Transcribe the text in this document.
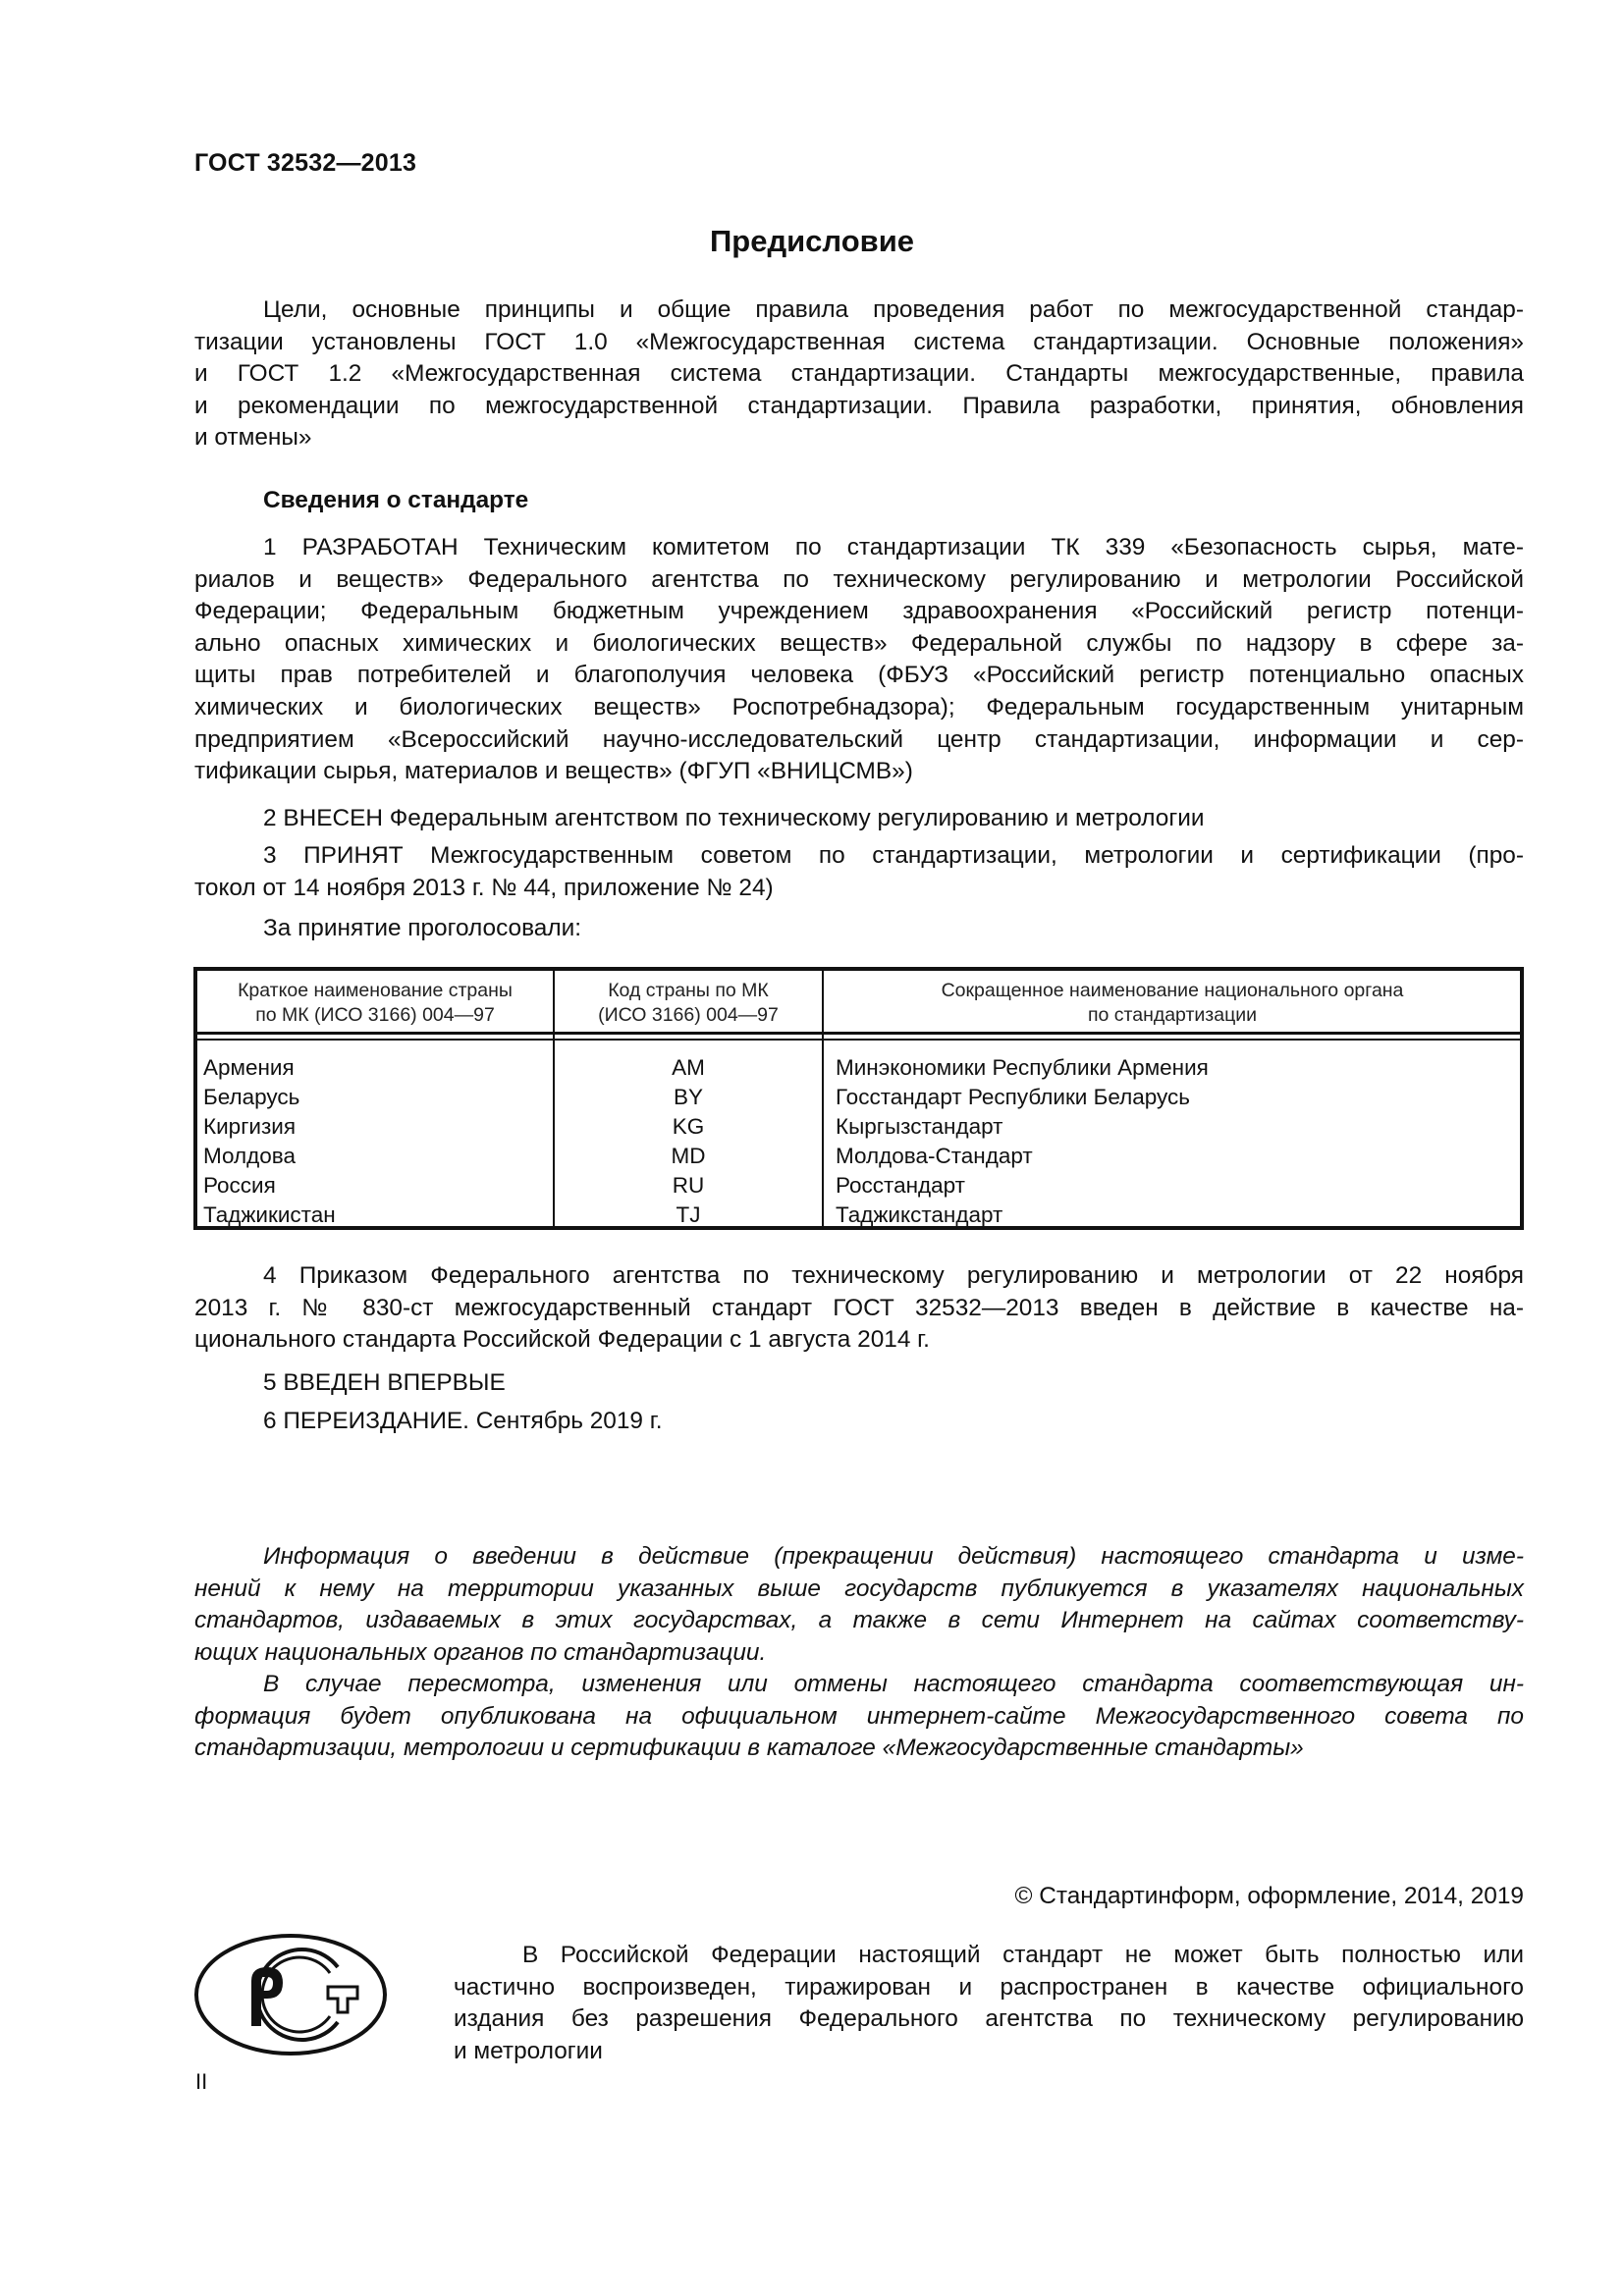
ГОСТ 32532—2013
Предисловие
Цели, основные принципы и общие правила проведения работ по межгосударственной стандар-
тизации установлены ГОСТ 1.0 «Межгосударственная система стандартизации. Основные положения»
и ГОСТ 1.2 «Межгосударственная система стандартизации. Стандарты межгосударственные, правила
и рекомендации по межгосударственной стандартизации. Правила разработки, принятия, обновления
и отмены»
Сведения о стандарте
1 РАЗРАБОТАН Техническим комитетом по стандартизации ТК 339 «Безопасность сырья, мате-
риалов и веществ» Федерального агентства по техническому регулированию и метрологии Российской
Федерации; Федеральным бюджетным учреждением здравоохранения «Российский регистр потенци-
ально опасных химических и биологических веществ» Федеральной службы по надзору в сфере за-
щиты прав потребителей и благополучия человека (ФБУЗ «Российский регистр потенциально опасных
химических и биологических веществ» Роспотребнадзора); Федеральным государственным унитарным
предприятием «Всероссийский научно-исследовательский центр стандартизации, информации и сер-
тификации сырья, материалов и веществ» (ФГУП «ВНИЦСМВ»)
2 ВНЕСЕН Федеральным агентством по техническому регулированию и метрологии
3 ПРИНЯТ Межгосударственным советом по стандартизации, метрологии и сертификации (про-
токол от 14 ноября 2013 г. № 44, приложение № 24)
За принятие проголосовали:
Краткое наименование страны
по МК (ИСО 3166) 004—97
Код страны по МК
(ИСО 3166) 004—97
Сокращенное наименование национального органа
по стандартизации
Армения
Беларусь
Киргизия
Молдова
Россия
Таджикистан
AM
BY
KG
MD
RU
TJ
Минэкономики Республики Армения
Госстандарт Республики Беларусь
Кыргызстандарт
Молдова-Стандарт
Росстандарт
Таджикстандарт
4 Приказом Федерального агентства по техническому регулированию и метрологии от 22 ноября
2013 г. № 830-ст межгосударственный стандарт ГОСТ 32532—2013 введен в действие в качестве на-
ционального стандарта Российской Федерации с 1 августа 2014 г.
5 ВВЕДЕН ВПЕРВЫЕ
6 ПЕРЕИЗДАНИЕ. Сентябрь 2019 г.
Информация о введении в действие (прекращении действия) настоящего стандарта и изме-
нений к нему на территории указанных выше государств публикуется в указателях национальных
стандартов, издаваемых в этих государствах, а также в сети Интернет на сайтах соответству-
ющих национальных органов по стандартизации.
В случае пересмотра, изменения или отмены настоящего стандарта соответствующая ин-
формация будет опубликована на официальном интернет-сайте Межгосударственного совета по
стандартизации, метрологии и сертификации в каталоге «Межгосударственные стандарты»
© Стандартинформ, оформление, 2014, 2019
В Российской Федерации настоящий стандарт не может быть полностью или
частично воспроизведен, тиражирован и распространен в качестве официального
издания без разрешения Федерального агентства по техническому регулированию
и метрологии
II
